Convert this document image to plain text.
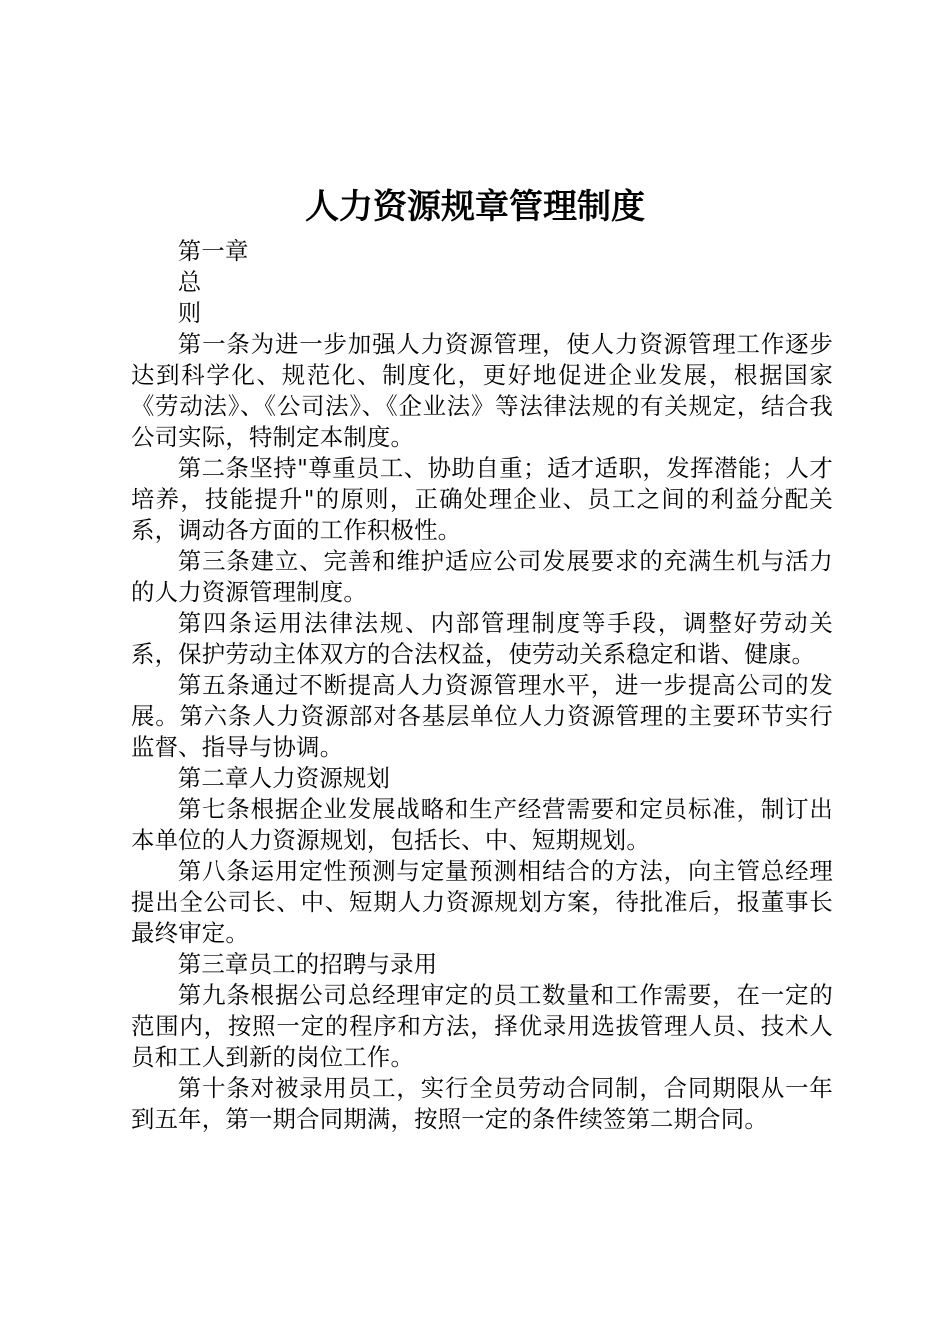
人力资源规章管理制度
第一章
总
则

第一条为进一步加强人力资源管理，使人力资源管理工作逐步达到科学化、规范化、制度化，更好地促进企业发展，根据国家《劳动法》、《公司法》、《企业法》等法律法规的有关规定，结合我公司实际，特制定本制度。

第二条坚持"尊重员工、协助自重；适才适职，发挥潜能；人才培养，技能提升"的原则，正确处理企业、员工之间的利益分配关系，调动各方面的工作积极性。

第三条建立、完善和维护适应公司发展要求的充满生机与活力的人力资源管理制度。

第四条运用法律法规、内部管理制度等手段，调整好劳动关系，保护劳动主体双方的合法权益，使劳动关系稳定和谐、健康。

第五条通过不断提高人力资源管理水平，进一步提高公司的发展。第六条人力资源部对各基层单位人力资源管理的主要环节实行监督、指导与协调。

第二章人力资源规划

第七条根据企业发展战略和生产经营需要和定员标准，制订出本单位的人力资源规划，包括长、中、短期规划。

第八条运用定性预测与定量预测相结合的方法，向主管总经理提出全公司长、中、短期人力资源规划方案，待批准后，报董事长最终审定。

第三章员工的招聘与录用

第九条根据公司总经理审定的员工数量和工作需要，在一定的范围内，按照一定的程序和方法，择优录用选拔管理人员、技术人员和工人到新的岗位工作。

第十条对被录用员工，实行全员劳动合同制，合同期限从一年到五年，第一期合同期满，按照一定的条件续签第二期合同。
